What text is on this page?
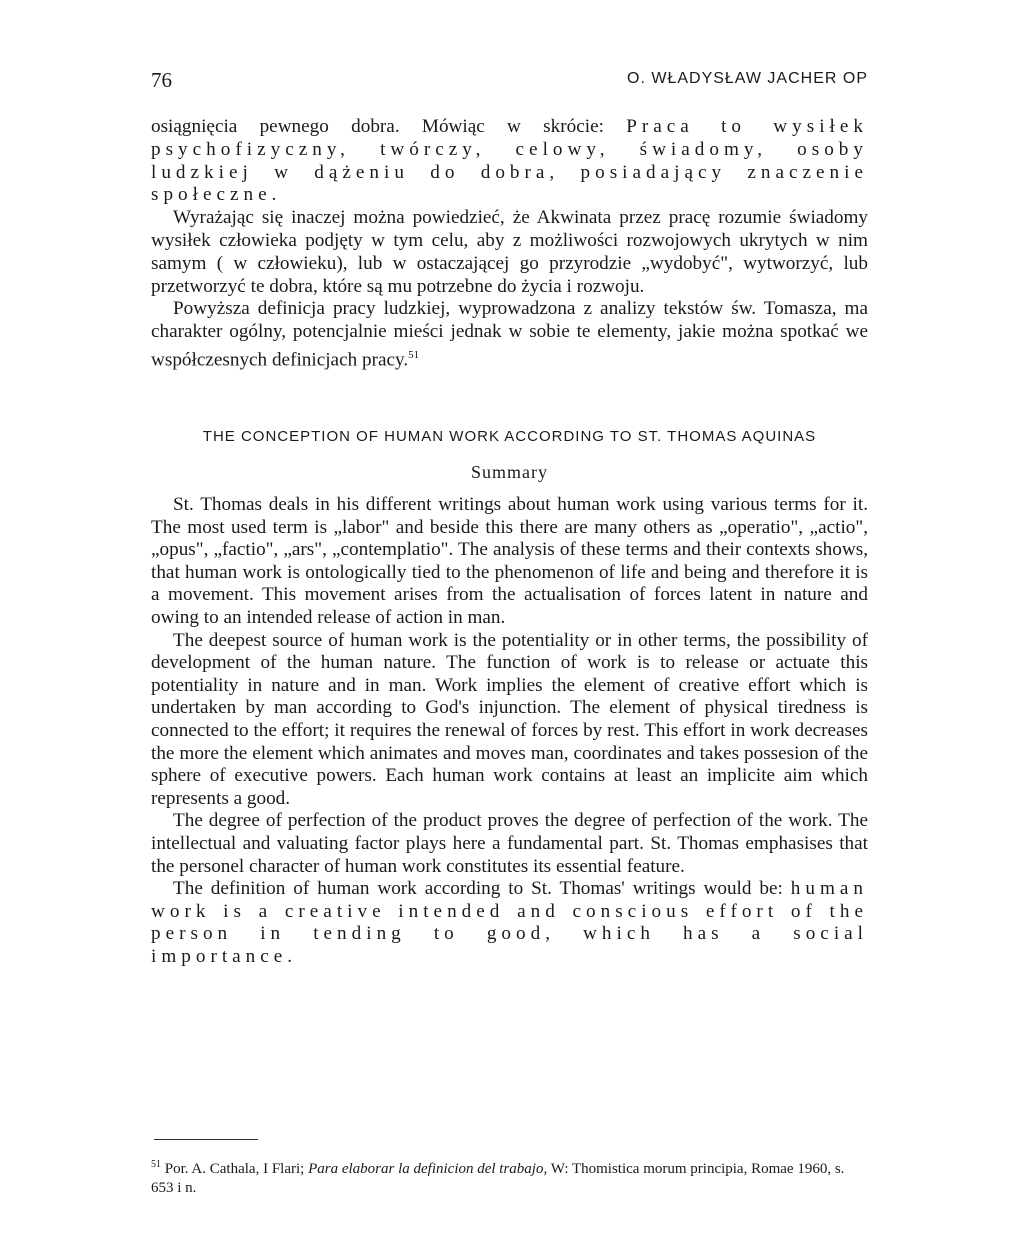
76	O. WŁADYSŁAW JACHER OP

osiągnięcia pewnego dobra. Mówiąc w skrócie: Praca to wysiłek psychofizyczny, twórczy, celowy, świadomy, osoby ludzkiej w dążeniu do dobra, posiadający znaczenie społeczne.

Wyrażając się inaczej można powiedzieć, że Akwinata przez pracę rozumie świadomy wysiłek człowieka podjęty w tym celu, aby z możliwości rozwojowych ukrytych w nim samym ( w człowieku), lub w ostaczającej go przyrodzie „wydobyć", wytworzyć, lub przetworzyć te dobra, które są mu potrzebne do życia i rozwoju.

Powyższa definicja pracy ludzkiej, wyprowadzona z analizy tekstów św. Tomasza, ma charakter ogólny, potencjalnie mieści jednak w sobie te elementy, jakie można spotkać we współczesnych definicjach pracy.$^{51}$

THE CONCEPTION OF HUMAN WORK ACCORDING TO ST. THOMAS AQUINAS
Summary

St. Thomas deals in his different writings about human work using various terms for it. The most used term is „labor" and beside this there are many others as „operatio", „actio", „opus", „factio", „ars", „contemplatio". The analysis of these terms and their contexts shows, that human work is ontologically tied to the phenomenon of life and being and therefore it is a movement. This movement arises from the actualisation of forces latent in nature and owing to an intended release of action in man.

The deepest source of human work is the potentiality or in other terms, the possibility of development of the human nature. The function of work is to release or actuate this potentiality in nature and in man. Work implies the element of creative effort which is undertaken by man according to God's injunction. The element of physical tiredness is connected to the effort; it requires the renewal of forces by rest. This effort in work decreases the more the element which animates and moves man, coordinates and takes possesion of the sphere of executive powers. Each human work contains at least an implicite aim which represents a good.

The degree of perfection of the product proves the degree of perfection of the work. The intellectual and valuating factor plays here a fundamental part. St. Thomas emphasises that the personel character of human work constitutes its essential feature.

The definition of human work according to St. Thomas' writings would be: human work is a creative intended and conscious effort of the person in tending to good, which has a social importance.

$^{51}$ Por. A. Cathala, I Flari; Para elaborar la definicion del trabajo, W: Thomistica morum principia, Romae 1960, s. 653 i n.
